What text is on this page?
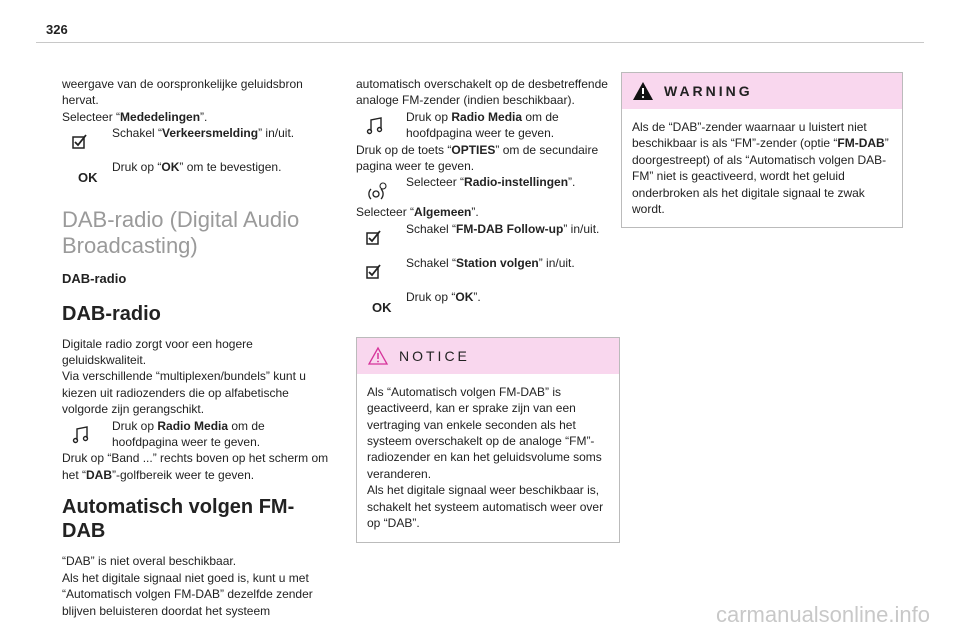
326

weergave van de oorspronkelijke geluidsbron hervat.

Selecteer “Mededelingen”.

Schakel “Verkeersmelding” in/uit.

OK

Druk op “OK” om te bevestigen.

DAB-radio (Digital Audio Broadcasting)
DAB-radio
DAB-radio

Digitale radio zorgt voor een hogere geluidskwaliteit.

Via verschillende “multiplexen/bundels” kunt u kiezen uit radiozenders die op alfabetische volgorde zijn gerangschikt.

Druk op Radio Media om de hoofdpagina weer te geven.

Druk op “Band ...” rechts boven op het scherm om het “DAB”-golfbereik weer te geven.

Automatisch volgen FM-DAB

“DAB” is niet overal beschikbaar.

Als het digitale signaal niet goed is, kunt u met “Automatisch volgen FM-DAB” dezelfde zender blijven beluisteren doordat het systeem

automatisch overschakelt op de desbetreffende analoge FM-zender (indien beschikbaar).

Druk op Radio Media om de hoofdpagina weer te geven.

Druk op de toets “OPTIES” om de secundaire pagina weer te geven.

Selecteer “Radio-instellingen”.

Selecteer “Algemeen”.

Schakel “FM-DAB Follow-up” in/uit.

Schakel “Station volgen” in/uit.

OK

Druk op “OK”.

NOTICE

Als “Automatisch volgen FM-DAB” is geactiveerd, kan er sprake zijn van een vertraging van enkele seconden als het systeem overschakelt op de analoge “FM”-radiozender en kan het geluidsvolume soms veranderen.

Als het digitale signaal weer beschikbaar is, schakelt het systeem automatisch weer over op “DAB”.

WARNING

Als de “DAB”-zender waarnaar u luistert niet beschikbaar is als “FM”-zender (optie “FM-DAB” doorgestreept) of als “Automatisch volgen DAB-FM” niet is geactiveerd, wordt het geluid onderbroken als het digitale signaal te zwak wordt.

carmanualsonline.info
